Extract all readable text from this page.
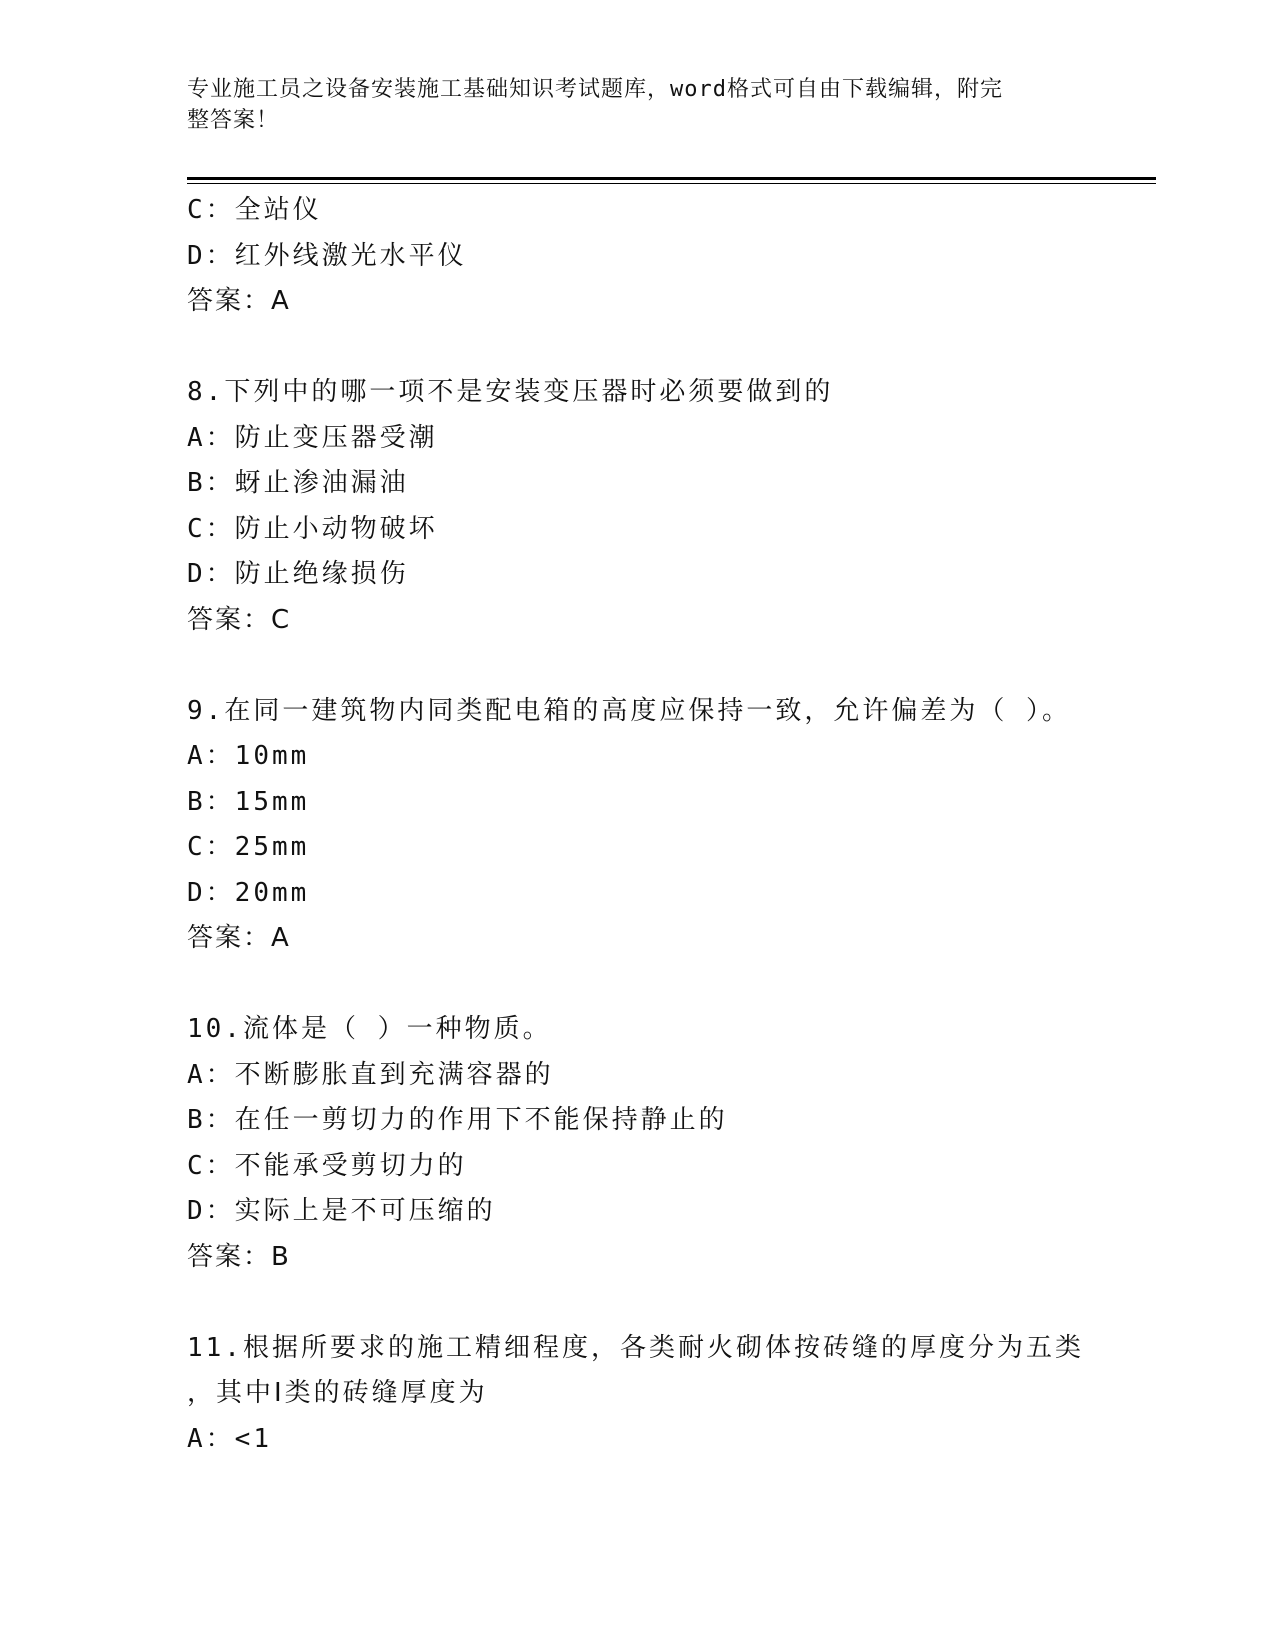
专业施工员之设备安装施工基础知识考试题库，word格式可自由下载编辑，附完
整答案！
C：全站仪
D：红外线激光水平仪
答案：A
8.下列中的哪一项不是安装变压器时必须要做到的
A：防止变压器受潮
B：蚜止渗油漏油
C：防止小动物破坏
D：防止绝缘损伤
答案：C
9.在同一建筑物内同类配电箱的高度应保持一致，允许偏差为（ ）。
A：10mm
B：15mm
C：25mm
D：20mm
答案：A
10.流体是（ ）一种物质。
A：不断膨胀直到充满容器的
B：在任一剪切力的作用下不能保持静止的
C：不能承受剪切力的
D：实际上是不可压缩的
答案：B
11.根据所要求的施工精细程度，各类耐火砌体按砖缝的厚度分为五类
，其中Ⅰ类的砖缝厚度为
A：<1
